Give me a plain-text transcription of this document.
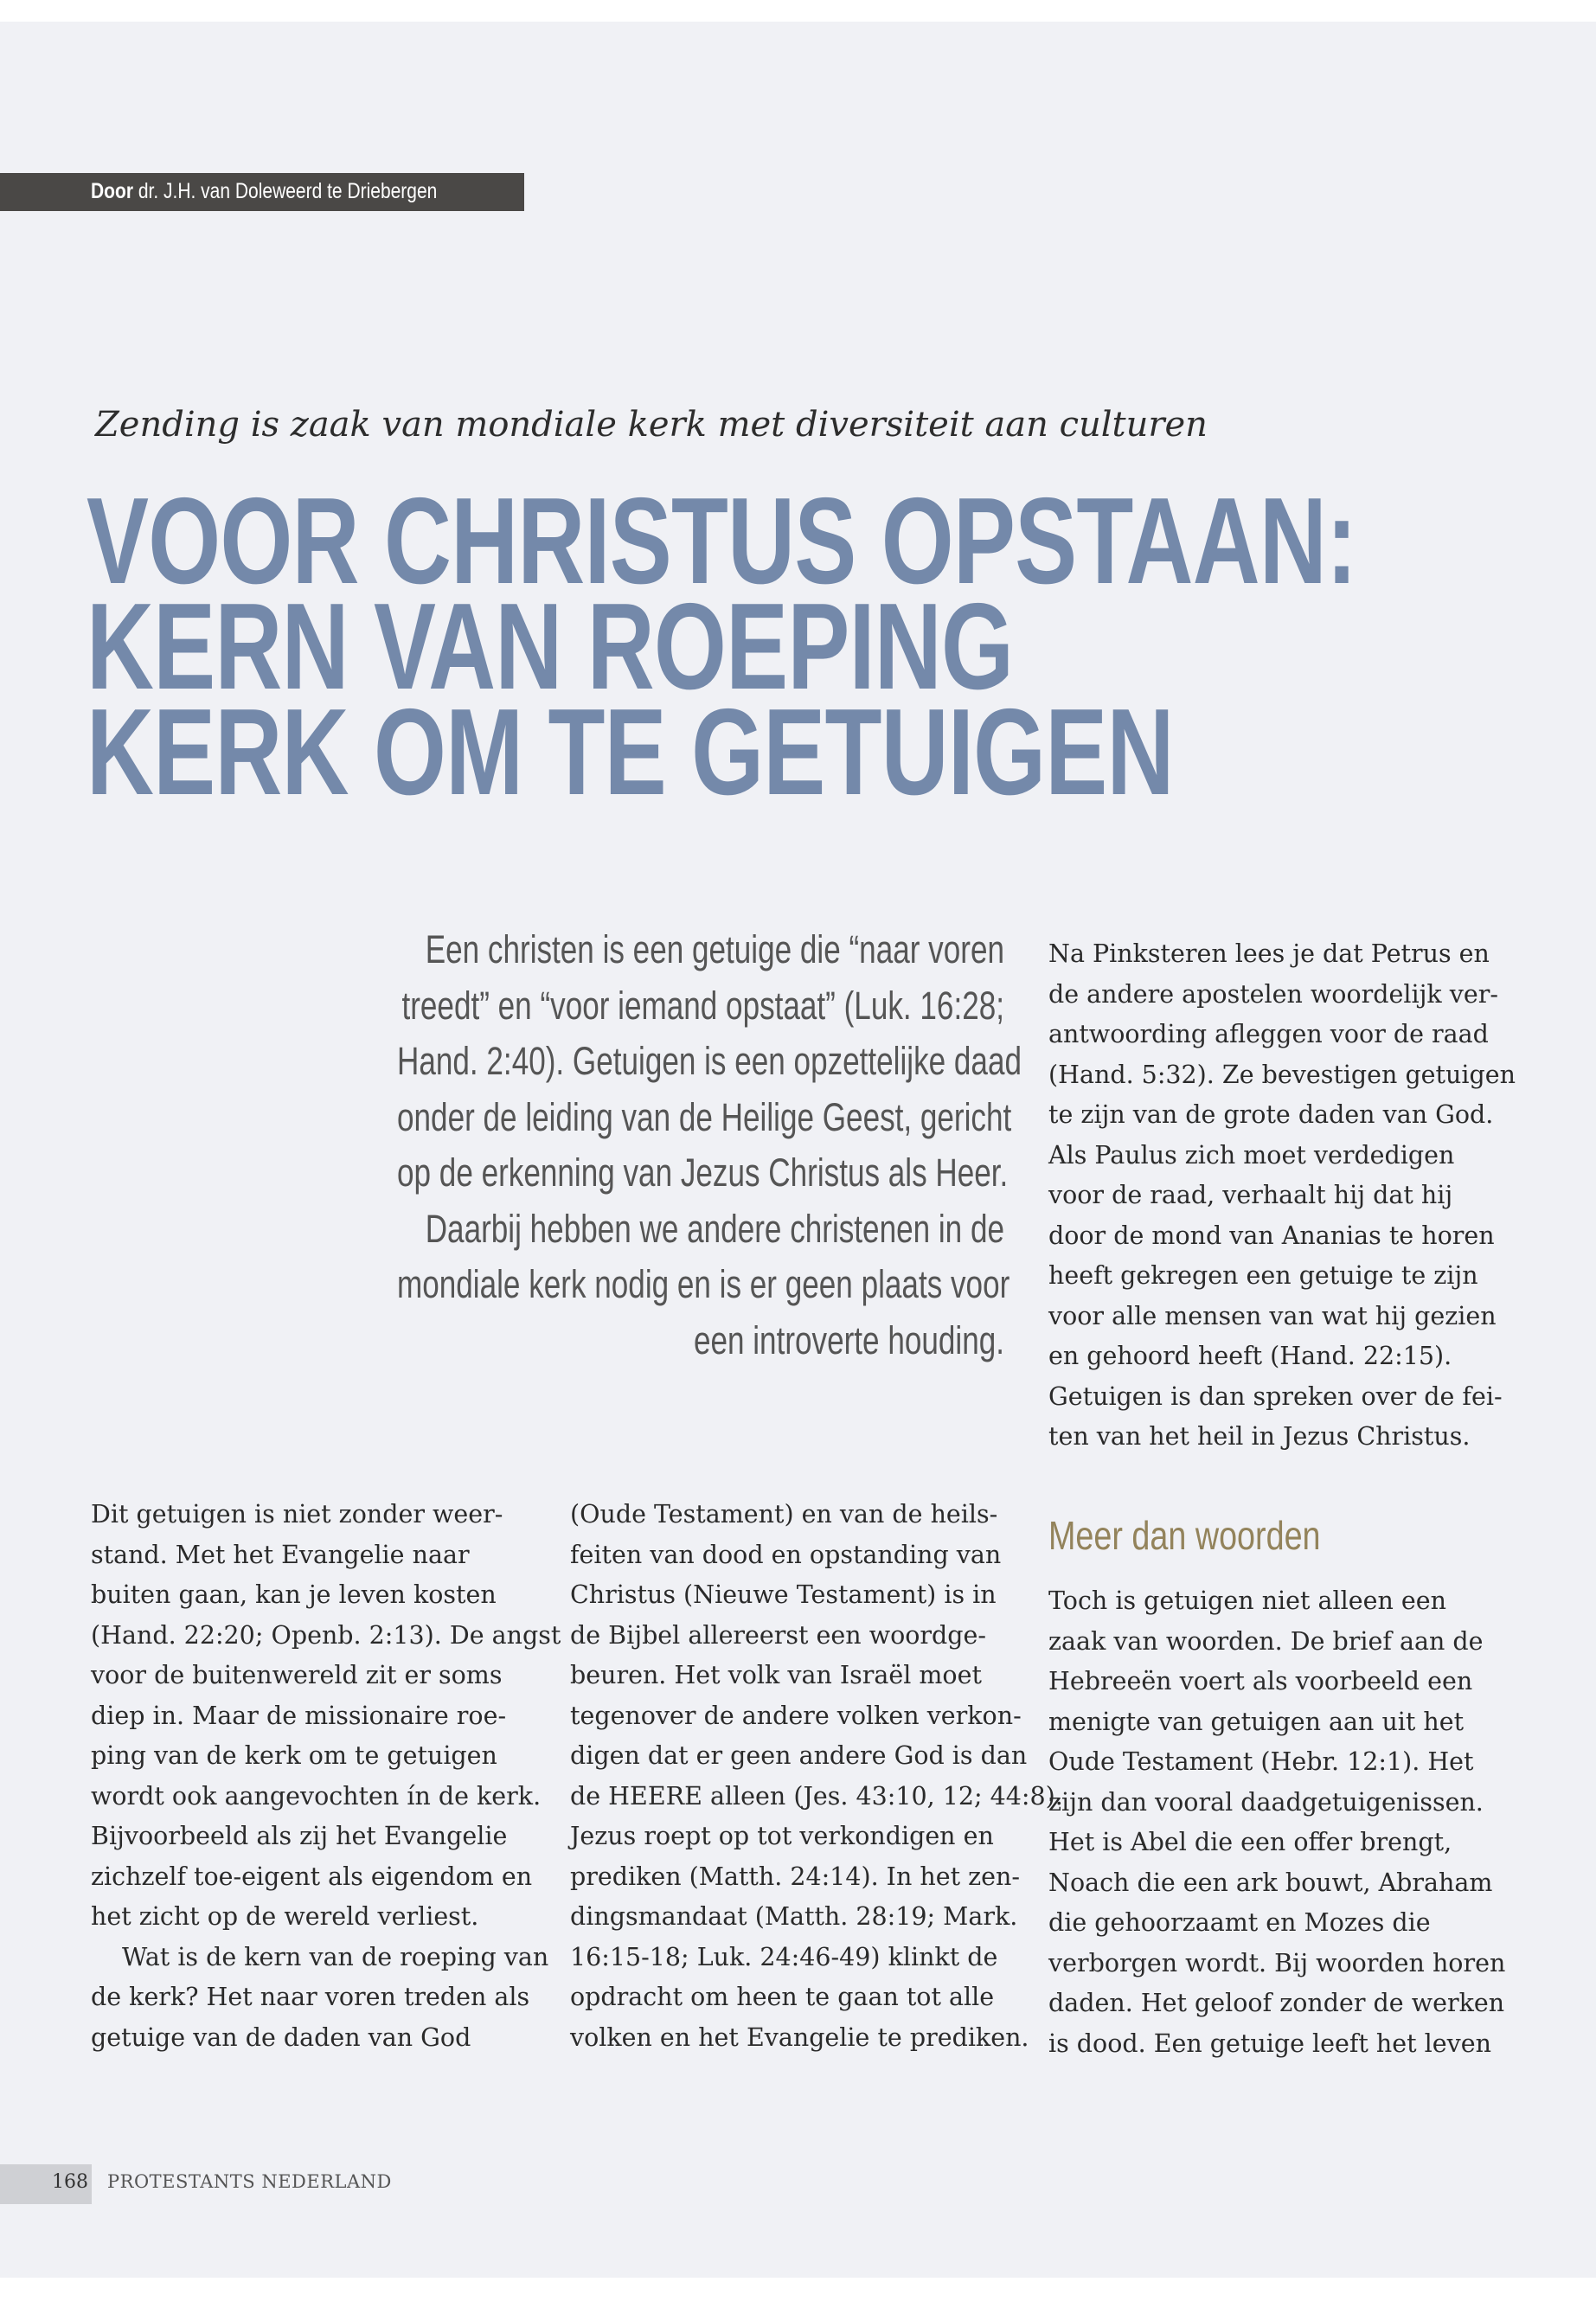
Door dr. J.H. van Doleweerd te Driebergen
Zending is zaak van mondiale kerk met diversiteit aan culturen
VOOR CHRISTUS OPSTAAN:
KERN VAN ROEPING
KERK OM TE GETUIGEN
Een christen is een getuige die “naar voren
treedt” en “voor iemand opstaat” (Luk. 16:28;
Hand. 2:40). Getuigen is een opzettelijke daad
onder de leiding van de Heilige Geest, gericht
op de erkenning van Jezus Christus als Heer.
Daarbij hebben we andere christenen in de
mondiale kerk nodig en is er geen plaats voor
een introverte houding.
Na Pinksteren lees je dat Petrus en
de andere apostelen woordelijk ver-
antwoording afleggen voor de raad
(Hand. 5:32). Ze bevestigen getuigen
te zijn van de grote daden van God.
Als Paulus zich moet verdedigen
voor de raad, verhaalt hij dat hij
door de mond van Ananias te horen
heeft gekregen een getuige te zijn
voor alle mensen van wat hij gezien
en gehoord heeft (Hand. 22:15).
Getuigen is dan spreken over de fei-
ten van het heil in Jezus Christus.
Dit getuigen is niet zonder weer-
stand. Met het Evangelie naar
buiten gaan, kan je leven kosten
(Hand. 22:20; Openb. 2:13). De angst
voor de buitenwereld zit er soms
diep in. Maar de missionaire roe-
ping van de kerk om te getuigen
wordt ook aangevochten ín de kerk.
Bijvoorbeeld als zij het Evangelie
zichzelf toe-eigent als eigendom en
het zicht op de wereld verliest.
Wat is de kern van de roeping van
de kerk? Het naar voren treden als
getuige van de daden van God
(Oude Testament) en van de heils-
feiten van dood en opstanding van
Christus (Nieuwe Testament) is in
de Bijbel allereerst een woordge-
beuren. Het volk van Israël moet
tegenover de andere volken verkon-
digen dat er geen andere God is dan
de HEERE alleen (Jes. 43:10, 12; 44:8).
Jezus roept op tot verkondigen en
prediken (Matth. 24:14). In het zen-
dingsmandaat (Matth. 28:19; Mark.
16:15-18; Luk. 24:46-49) klinkt de
opdracht om heen te gaan tot alle
volken en het Evangelie te prediken.
Meer dan woorden
Toch is getuigen niet alleen een
zaak van woorden. De brief aan de
Hebreeën voert als voorbeeld een
menigte van getuigen aan uit het
Oude Testament (Hebr. 12:1). Het
zijn dan vooral daadgetuigenissen.
Het is Abel die een offer brengt,
Noach die een ark bouwt, Abraham
die gehoorzaamt en Mozes die
verborgen wordt. Bij woorden horen
daden. Het geloof zonder de werken
is dood. Een getuige leeft het leven
168 PROTESTANTS NEDERLAND
